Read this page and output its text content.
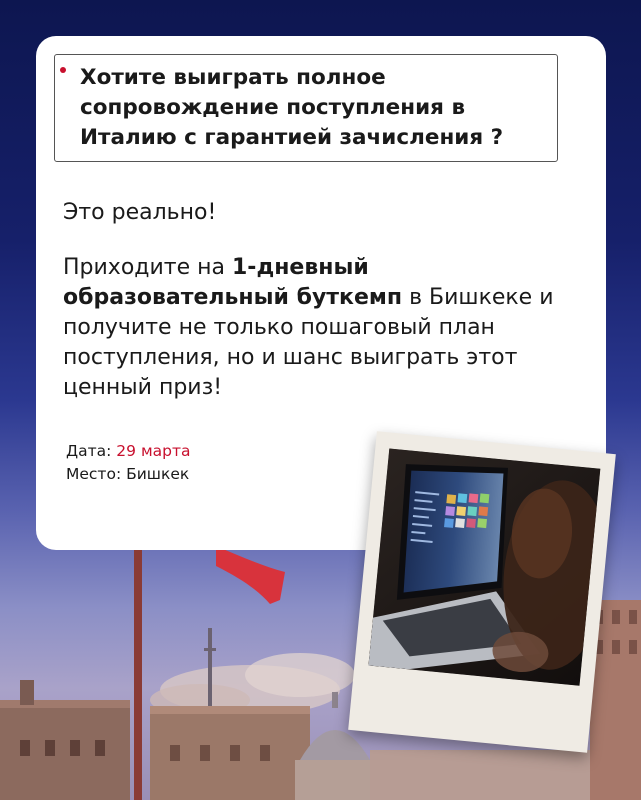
Хотите выиграть полное
сопровождение поступления в
Италию с гарантией зачисления ?

Это реально!

Приходите на 1-дневный образовательный буткемп в Бишкеке и получите не только пошаговый план поступления, но и шанс выиграть этот ценный приз!

Дата: 29 марта
Место: Бишкек
